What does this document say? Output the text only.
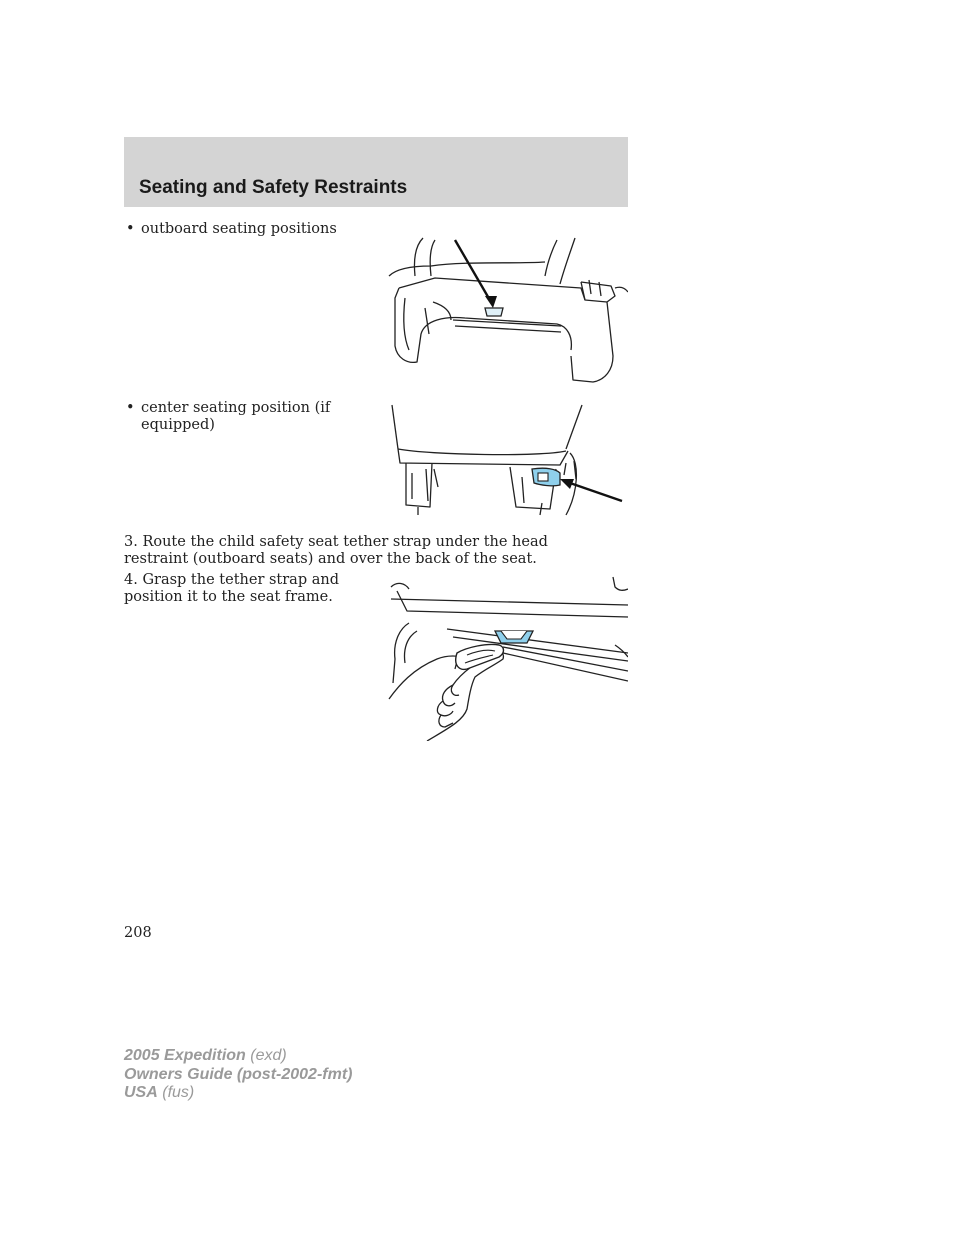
Seating and Safety Restraints
• outboard seating positions
• center seating position (if equipped)
3. Route the child safety seat tether strap under the head restraint (outboard seats) and over the back of the seat.
4. Grasp the tether strap and position it to the seat frame.
208
2005 Expedition (exd)
Owners Guide (post-2002-fmt)
USA (fus)
